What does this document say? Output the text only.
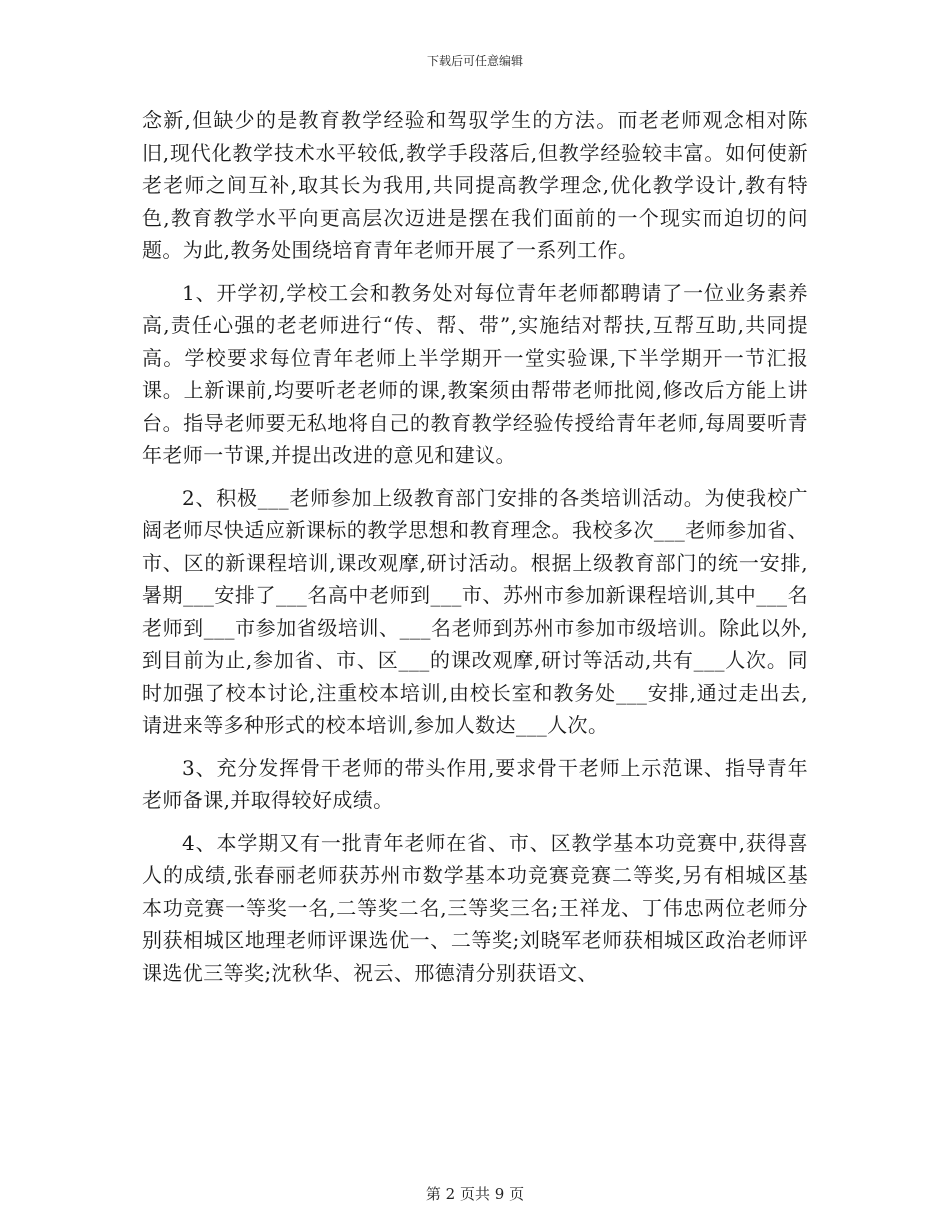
下载后可任意编辑

念新,但缺少的是教育教学经验和驾驭学生的方法。而老老师观念相对陈旧,现代化教学技术水平较低,教学手段落后,但教学经验较丰富。如何使新老老师之间互补,取其长为我用,共同提高教学理念,优化教学设计,教有特色,教育教学水平向更高层次迈进是摆在我们面前的一个现实而迫切的问题。为此,教务处围绕培育青年老师开展了一系列工作。

1、开学初,学校工会和教务处对每位青年老师都聘请了一位业务素养高,责任心强的老老师进行“传、帮、带”,实施结对帮扶,互帮互助,共同提高。学校要求每位青年老师上半学期开一堂实验课,下半学期开一节汇报课。上新课前,均要听老老师的课,教案须由帮带老师批阅,修改后方能上讲台。指导老师要无私地将自己的教育教学经验传授给青年老师,每周要听青年老师一节课,并提出改进的意见和建议。

2、积极___老师参加上级教育部门安排的各类培训活动。为使我校广阔老师尽快适应新课标的教学思想和教育理念。我校多次___老师参加省、市、区的新课程培训,课改观摩,研讨活动。根据上级教育部门的统一安排,暑期___安排了___名高中老师到___市、苏州市参加新课程培训,其中___名老师到___市参加省级培训、___名老师到苏州市参加市级培训。除此以外,到目前为止,参加省、市、区___的课改观摩,研讨等活动,共有___人次。同时加强了校本讨论,注重校本培训,由校长室和教务处___安排,通过走出去,请进来等多种形式的校本培训,参加人数达___人次。

3、充分发挥骨干老师的带头作用,要求骨干老师上示范课、指导青年老师备课,并取得较好成绩。

4、本学期又有一批青年老师在省、市、区教学基本功竞赛中,获得喜人的成绩,张春丽老师获苏州市数学基本功竞赛竞赛二等奖,另有相城区基本功竞赛一等奖一名,二等奖二名,三等奖三名;王祥龙、丁伟忠两位老师分别获相城区地理老师评课选优一、二等奖;刘晓军老师获相城区政治老师评课选优三等奖;沈秋华、祝云、邢德清分别获语文、

第 2 页共 9 页
